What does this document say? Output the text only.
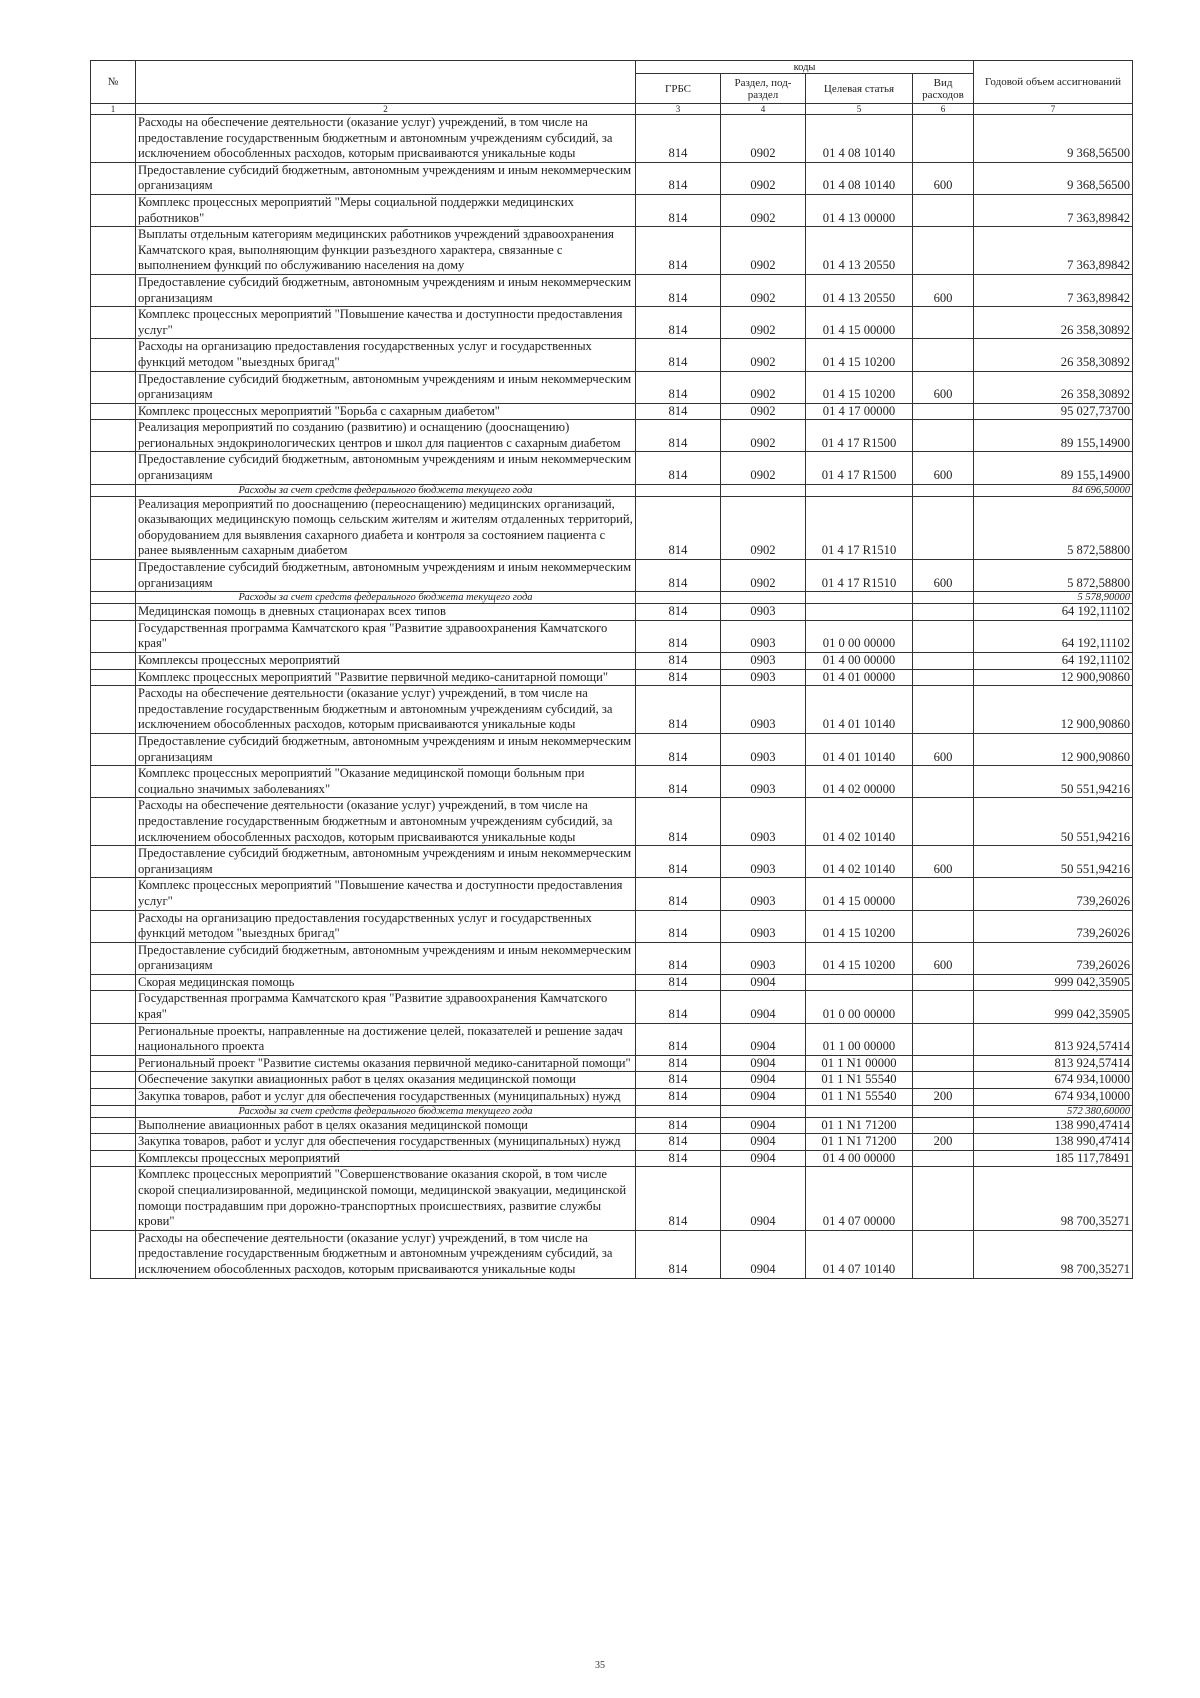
№		коды				Годовой объем ассигнований
		ГРБС	Раздел, под-раздел	Целевая статья	Вид расходов	
1	2	3	4	5	6	7
	Расходы на обеспечение деятельности (оказание услуг) учреждений, в том числе на предоставление государственным бюджетным и автономным учреждениям субсидий, за исключением обособленных расходов, которым присваиваются уникальные коды	814	0902	01 4 08 10140		9 368,56500
	Предоставление субсидий бюджетным, автономным учреждениям и иным некоммерческим организациям	814	0902	01 4 08 10140	600	9 368,56500
	Комплекс процессных мероприятий "Меры социальной поддержки медицинских работников"	814	0902	01 4 13 00000		7 363,89842
	Выплаты отдельным категориям медицинских работников учреждений здравоохранения Камчатского края, выполняющим функции разъездного характера, связанные с выполнением функций по обслуживанию населения на дому	814	0902	01 4 13 20550		7 363,89842
	Предоставление субсидий бюджетным, автономным учреждениям и иным некоммерческим организациям	814	0902	01 4 13 20550	600	7 363,89842
	Комплекс процессных мероприятий "Повышение качества и доступности предоставления услуг"	814	0902	01 4 15 00000		26 358,30892
	Расходы на организацию предоставления государственных услуг и государственных функций методом "выездных бригад"	814	0902	01 4 15 10200		26 358,30892
	Предоставление субсидий бюджетным, автономным учреждениям и иным некоммерческим организациям	814	0902	01 4 15 10200	600	26 358,30892
	Комплекс процессных мероприятий "Борьба с сахарным диабетом"	814	0902	01 4 17 00000		95 027,73700
	Реализация мероприятий по созданию (развитию) и оснащению (дооснащению) региональных эндокринологических центров и школ для пациентов с сахарным диабетом	814	0902	01 4 17 R1500		89 155,14900
	Предоставление субсидий бюджетным, автономным учреждениям и иным некоммерческим организациям	814	0902	01 4 17 R1500	600	89 155,14900
	Расходы за счет средств федерального бюджета текущего года					84 696,50000
	Реализация мероприятий по дооснащению (переоснащению) медицинских организаций, оказывающих медицинскую помощь сельским жителям и жителям отдаленных территорий, оборудованием для выявления сахарного диабета и контроля за состоянием пациента с ранее выявленным сахарным диабетом	814	0902	01 4 17 R1510		5 872,58800
	Предоставление субсидий бюджетным, автономным учреждениям и иным некоммерческим организациям	814	0902	01 4 17 R1510	600	5 872,58800
	Расходы за счет средств федерального бюджета текущего года					5 578,90000
	Медицинская помощь в дневных стационарах всех типов	814	0903			64 192,11102
	Государственная программа Камчатского края "Развитие здравоохранения Камчатского края"	814	0903	01 0 00 00000		64 192,11102
	Комплексы процессных мероприятий	814	0903	01 4 00 00000		64 192,11102
	Комплекс процессных мероприятий "Развитие первичной медико-санитарной помощи"	814	0903	01 4 01 00000		12 900,90860
	Расходы на обеспечение деятельности (оказание услуг) учреждений, в том числе на предоставление государственным бюджетным и автономным учреждениям субсидий, за исключением обособленных расходов, которым присваиваются уникальные коды	814	0903	01 4 01 10140		12 900,90860
	Предоставление субсидий бюджетным, автономным учреждениям и иным некоммерческим организациям	814	0903	01 4 01 10140	600	12 900,90860
	Комплекс процессных мероприятий "Оказание медицинской помощи больным при социально значимых заболеваниях"	814	0903	01 4 02 00000		50 551,94216
	Расходы на обеспечение деятельности (оказание услуг) учреждений, в том числе на предоставление государственным бюджетным и автономным учреждениям субсидий, за исключением обособленных расходов, которым присваиваются уникальные коды	814	0903	01 4 02 10140		50 551,94216
	Предоставление субсидий бюджетным, автономным учреждениям и иным некоммерческим организациям	814	0903	01 4 02 10140	600	50 551,94216
	Комплекс процессных мероприятий "Повышение качества и доступности предоставления услуг"	814	0903	01 4 15 00000		739,26026
	Расходы на организацию предоставления государственных услуг и государственных функций методом "выездных бригад"	814	0903	01 4 15 10200		739,26026
	Предоставление субсидий бюджетным, автономным учреждениям и иным некоммерческим организациям	814	0903	01 4 15 10200	600	739,26026
	Скорая медицинская помощь	814	0904			999 042,35905
	Государственная программа Камчатского края "Развитие здравоохранения Камчатского края"	814	0904	01 0 00 00000		999 042,35905
	Региональные проекты, направленные на достижение целей, показателей и решение задач национального проекта	814	0904	01 1 00 00000		813 924,57414
	Региональный проект "Развитие системы оказания первичной медико-санитарной помощи"	814	0904	01 1 N1 00000		813 924,57414
	Обеспечение закупки авиационных работ в целях оказания медицинской помощи	814	0904	01 1 N1 55540		674 934,10000
	Закупка товаров, работ и услуг для обеспечения государственных (муниципальных) нужд	814	0904	01 1 N1 55540	200	674 934,10000
	Расходы за счет средств федерального бюджета текущего года					572 380,60000
	Выполнение авиационных работ в целях оказания медицинской помощи	814	0904	01 1 N1 71200		138 990,47414
	Закупка товаров, работ и услуг для обеспечения государственных (муниципальных) нужд	814	0904	01 1 N1 71200	200	138 990,47414
	Комплексы процессных мероприятий	814	0904	01 4 00 00000		185 117,78491
	Комплекс процессных мероприятий "Совершенствование оказания скорой, в том числе скорой специализированной, медицинской помощи, медицинской эвакуации, медицинской помощи пострадавшим при дорожно-транспортных происшествиях, развитие службы крови"	814	0904	01 4 07 00000		98 700,35271
	Расходы на обеспечение деятельности (оказание услуг) учреждений, в том числе на предоставление государственным бюджетным и автономным учреждениям субсидий, за исключением обособленных расходов, которым присваиваются уникальные коды	814	0904	01 4 07 10140		98 700,35271
35
